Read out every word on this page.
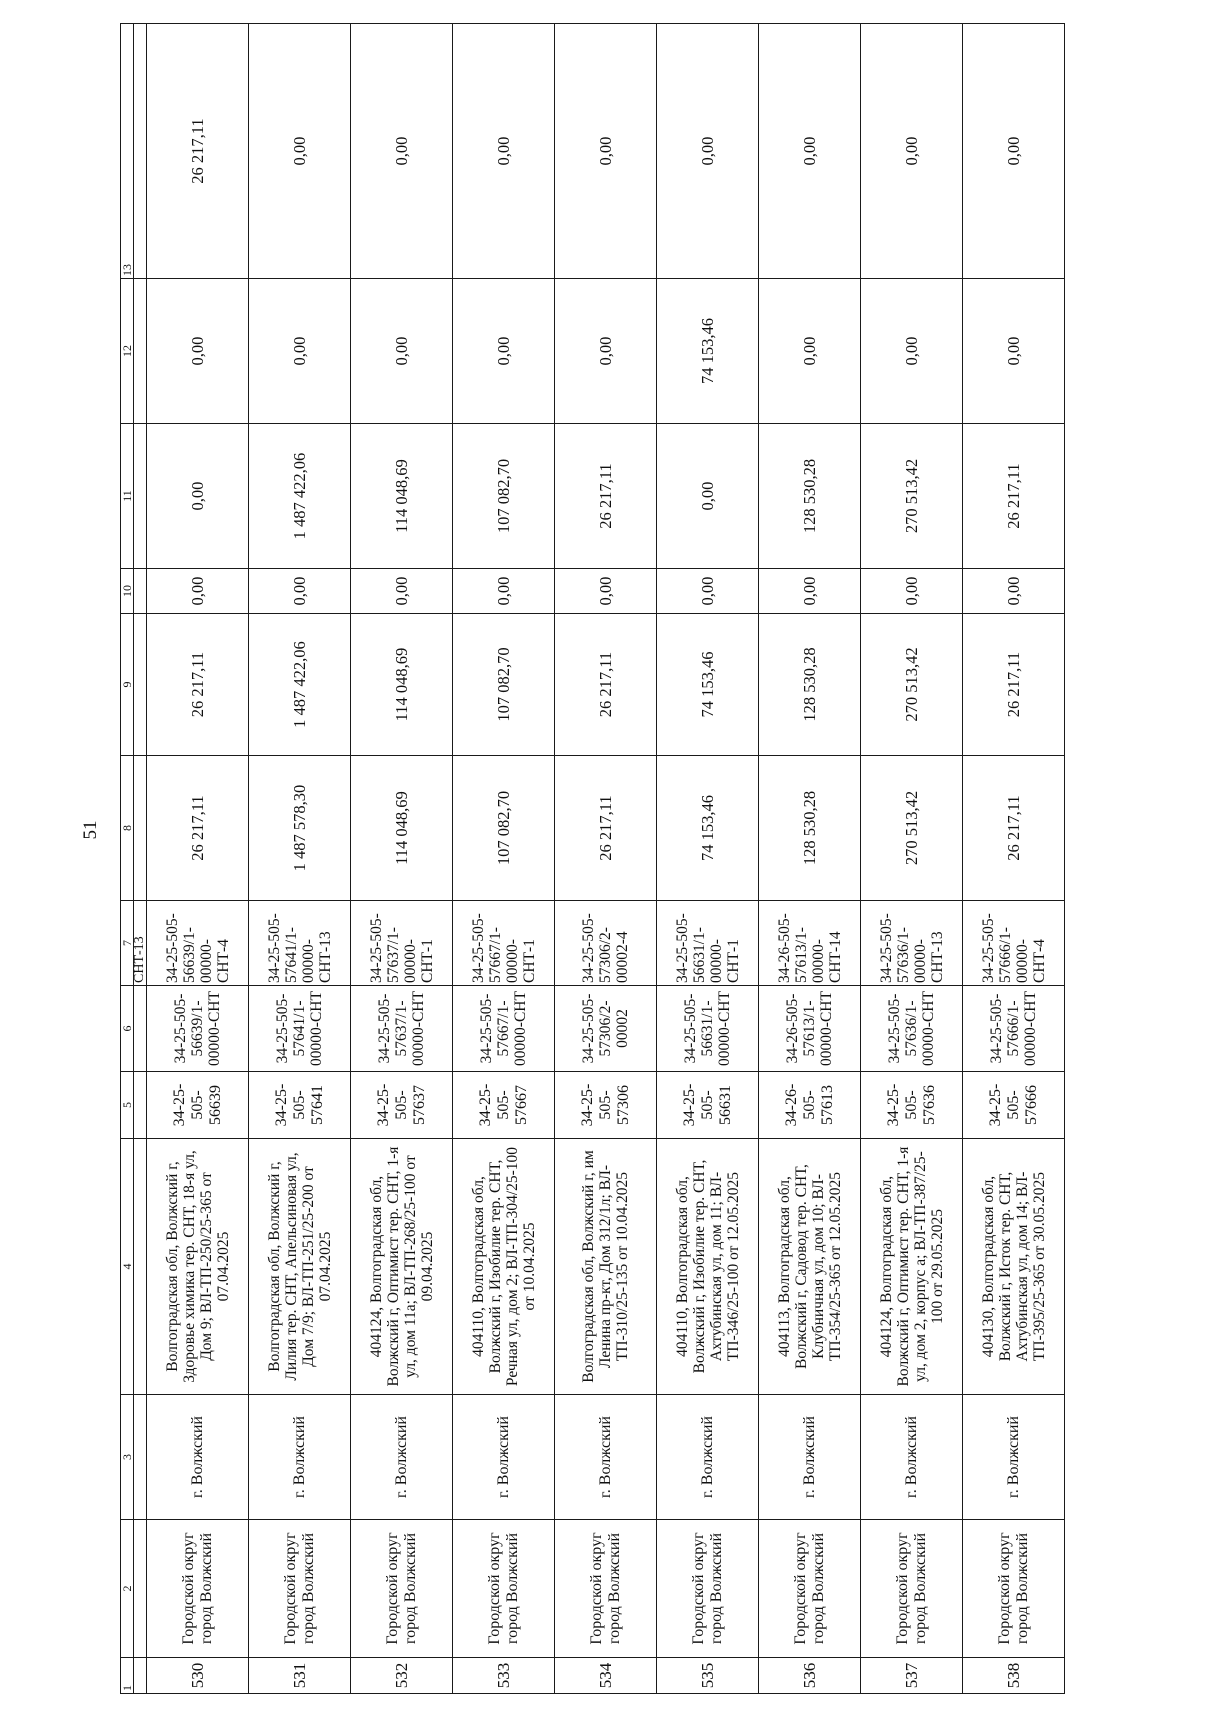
51
1	2	3	4	5	6	7	8	9	10	11	12	13
						СНТ-13						
530	Городской округ город Волжский	г. Волжский	Волгоградская обл, Волжский г, Здоровье химика тер. СНТ, 18-я ул, Дом 9; ВЛ-ТП-250/25-365 от 07.04.2025	34-25-505-56639	34-25-505-56639/1-00000-СНТ	34-25-505-56639/1-00000-СНТ-4	26 217,11	26 217,11	0,00	0,00	0,00	26 217,11
531	Городской округ город Волжский	г. Волжский	Волгоградская обл, Волжский г, Лилия тер. СНТ, Апельсиновая ул, Дом 7/9; ВЛ-ТП-251/25-200 от 07.04.2025	34-25-505-57641	34-25-505-57641/1-00000-СНТ	34-25-505-57641/1-00000-СНТ-13	1 487 578,30	1 487 422,06	0,00	1 487 422,06	0,00	0,00
532	Городской округ город Волжский	г. Волжский	404124, Волгоградская обл, Волжский г, Оптимист тер. СНТ, 1-я ул, дом 11а; ВЛ-ТП-268/25-100 от 09.04.2025	34-25-505-57637	34-25-505-57637/1-00000-СНТ	34-25-505-57637/1-00000-СНТ-1	114 048,69	114 048,69	0,00	114 048,69	0,00	0,00
533	Городской округ город Волжский	г. Волжский	404110, Волгоградская обл, Волжский г, Изобилие тер. СНТ, Речная ул, дом 2; ВЛ-ТП-304/25-100 от 10.04.2025	34-25-505-57667	34-25-505-57667/1-00000-СНТ	34-25-505-57667/1-00000-СНТ-1	107 082,70	107 082,70	0,00	107 082,70	0,00	0,00
534	Городской округ город Волжский	г. Волжский	Волгоградская обл, Волжский г, им Ленина пр-кт, Дом 312/1л; ВЛ-ТП-310/25-135 от 10.04.2025	34-25-505-57306	34-25-505-57306/2-00002	34-25-505-57306/2-00002-4	26 217,11	26 217,11	0,00	26 217,11	0,00	0,00
535	Городской округ город Волжский	г. Волжский	404110, Волгоградская обл, Волжский г, Изобилие тер. СНТ, Ахтубинская ул, дом 11; ВЛ-ТП-346/25-100 от 12.05.2025	34-25-505-56631	34-25-505-56631/1-00000-СНТ	34-25-505-56631/1-00000-СНТ-1	74 153,46	74 153,46	0,00	0,00	74 153,46	0,00
536	Городской округ город Волжский	г. Волжский	404113, Волгоградская обл, Волжский г, Садовод тер. СНТ, Клубничная ул, дом 10; ВЛ-ТП-354/25-365 от 12.05.2025	34-26-505-57613	34-26-505-57613/1-00000-СНТ	34-26-505-57613/1-00000-СНТ-14	128 530,28	128 530,28	0,00	128 530,28	0,00	0,00
537	Городской округ город Волжский	г. Волжский	404124, Волгоградская обл, Волжский г, Оптимист тер. СНТ, 1-я ул, дом 2, корпус а; ВЛ-ТП-387/25-100 от 29.05.2025	34-25-505-57636	34-25-505-57636/1-00000-СНТ	34-25-505-57636/1-00000-СНТ-13	270 513,42	270 513,42	0,00	270 513,42	0,00	0,00
538	Городской округ город Волжский	г. Волжский	404130, Волгоградская обл, Волжский г, Исток тер. СНТ, Ахтубинская ул, дом 14; ВЛ-ТП-395/25-365 от 30.05.2025	34-25-505-57666	34-25-505-57666/1-00000-СНТ	34-25-505-57666/1-00000-СНТ-4	26 217,11	26 217,11	0,00	26 217,11	0,00	0,00
